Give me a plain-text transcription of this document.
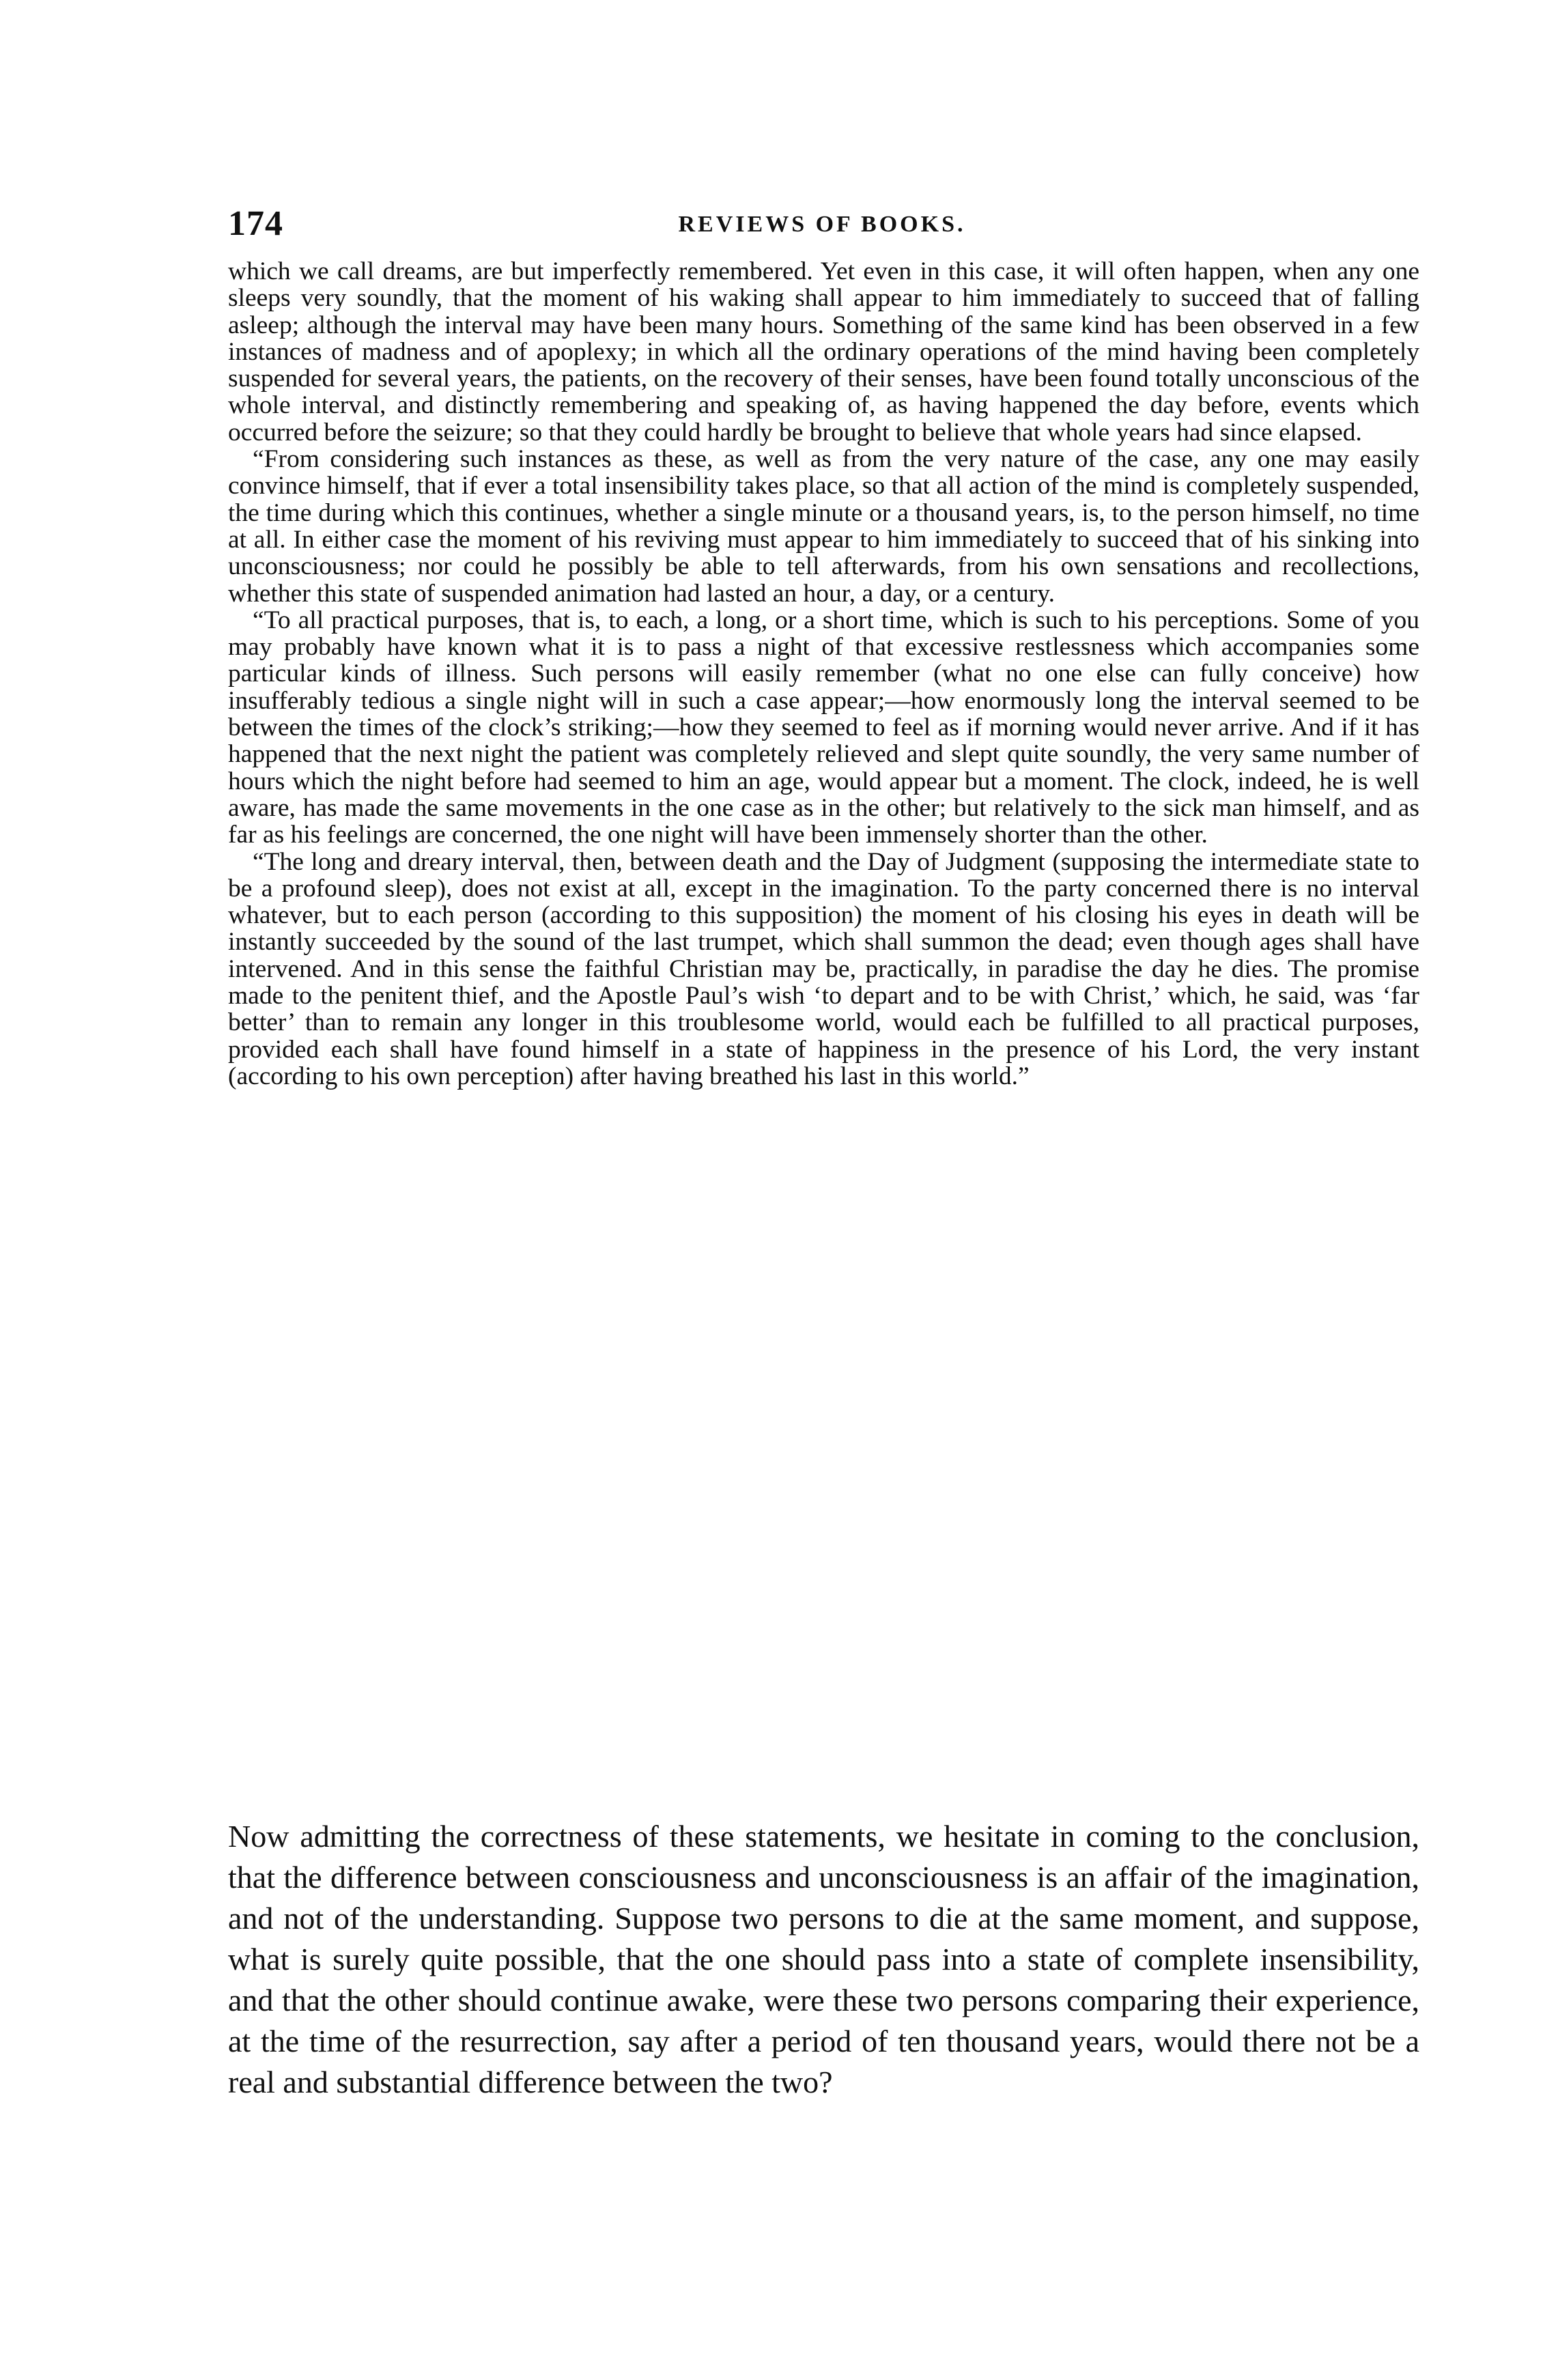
174	REVIEWS OF BOOKS.

which we call dreams, are but imperfectly remembered. Yet even in this case, it will often happen, when any one sleeps very soundly, that the moment of his waking shall appear to him immediately to succeed that of falling asleep; although the interval may have been many hours. Something of the same kind has been observed in a few instances of madness and of apoplexy; in which all the ordinary operations of the mind having been completely suspended for several years, the patients, on the recovery of their senses, have been found totally unconscious of the whole interval, and distinctly remembering and speaking of, as having happened the day before, events which occurred before the seizure; so that they could hardly be brought to believe that whole years had since elapsed.

“From considering such instances as these, as well as from the very nature of the case, any one may easily convince himself, that if ever a total insensibility takes place, so that all action of the mind is completely suspended, the time during which this continues, whether a single minute or a thousand years, is, to the person himself, no time at all. In either case the moment of his reviving must appear to him immediately to succeed that of his sinking into unconsciousness; nor could he possibly be able to tell afterwards, from his own sensations and recollections, whether this state of suspended animation had lasted an hour, a day, or a century.

“To all practical purposes, that is, to each, a long, or a short time, which is such to his perceptions. Some of you may probably have known what it is to pass a night of that excessive restlessness which accompanies some particular kinds of illness. Such persons will easily remember (what no one else can fully conceive) how insufferably tedious a single night will in such a case appear;—how enormously long the interval seemed to be between the times of the clock’s striking;—how they seemed to feel as if morning would never arrive. And if it has happened that the next night the patient was completely relieved and slept quite soundly, the very same number of hours which the night before had seemed to him an age, would appear but a moment. The clock, indeed, he is well aware, has made the same movements in the one case as in the other; but relatively to the sick man himself, and as far as his feelings are concerned, the one night will have been immensely shorter than the other.

“The long and dreary interval, then, between death and the Day of Judgment (supposing the intermediate state to be a profound sleep), does not exist at all, except in the imagination. To the party concerned there is no interval whatever, but to each person (according to this supposition) the moment of his closing his eyes in death will be instantly succeeded by the sound of the last trumpet, which shall summon the dead; even though ages shall have intervened. And in this sense the faithful Christian may be, practically, in paradise the day he dies. The promise made to the penitent thief, and the Apostle Paul’s wish ‘to depart and to be with Christ,’ which, he said, was ‘far better’ than to remain any longer in this troublesome world, would each be fulfilled to all practical purposes, provided each shall have found himself in a state of happiness in the presence of his Lord, the very instant (according to his own perception) after having breathed his last in this world.”

Now admitting the correctness of these statements, we hesitate in coming to the conclusion, that the difference between consciousness and unconsciousness is an affair of the imagination, and not of the understanding. Suppose two persons to die at the same moment, and suppose, what is surely quite possible, that the one should pass into a state of complete insensibility, and that the other should continue awake, were these two persons comparing their experience, at the time of the resurrection, say after a period of ten thousand years, would there not be a real and substantial difference between the two?
